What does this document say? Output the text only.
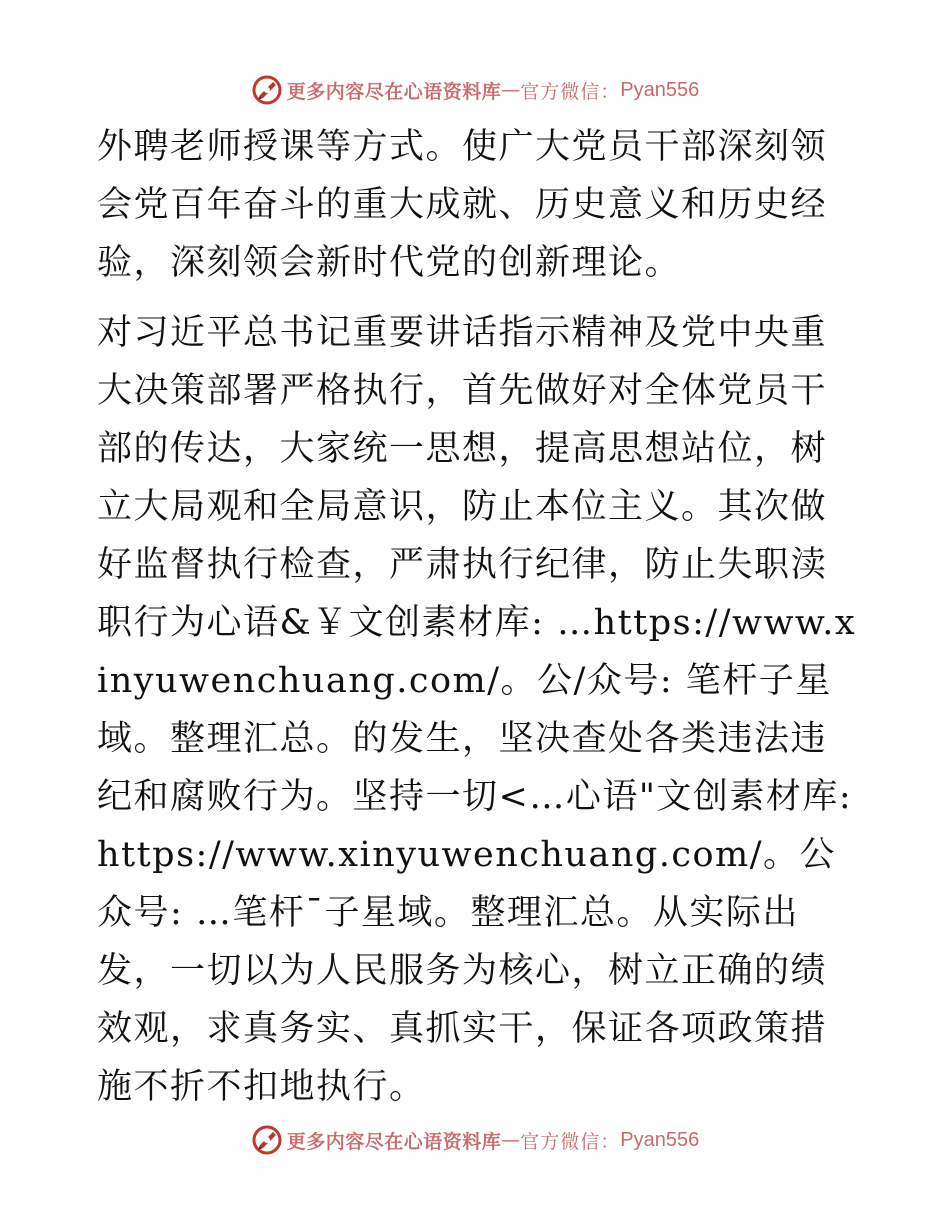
更多内容尽在心语资料库 — 官方微信： Pyan556

外聘老师授课等方式。使广大党员干部深刻领会党百年奋斗的重大成就、历史意义和历史经验，深刻领会新时代党的创新理论。

对习近平总书记重要讲话指示精神及党中央重大决策部署严格执行，首先做好对全体党员干部的传达，大家统一思想，提高思想站位，树立大局观和全局意识，防止本位主义。其次做好监督执行检查，严肃执行纪律，防止失职渎职行为心语&￥文创素材库: …https://www.xinyuwenchuang.com/。公/众号: 笔杆子星域。整理汇总。的发生，坚决查处各类违法违纪和腐败行为。坚持一切<…心语"文创素材库: https://www.xinyuwenchuang.com/。公众号: …笔杆¯子星域。整理汇总。从实际出发，一切以为人民服务为核心，树立正确的绩效观，求真务实、真抓实干，保证各项政策措施不折不扣地执行。

更多内容尽在心语资料库 — 官方微信： Pyan556
